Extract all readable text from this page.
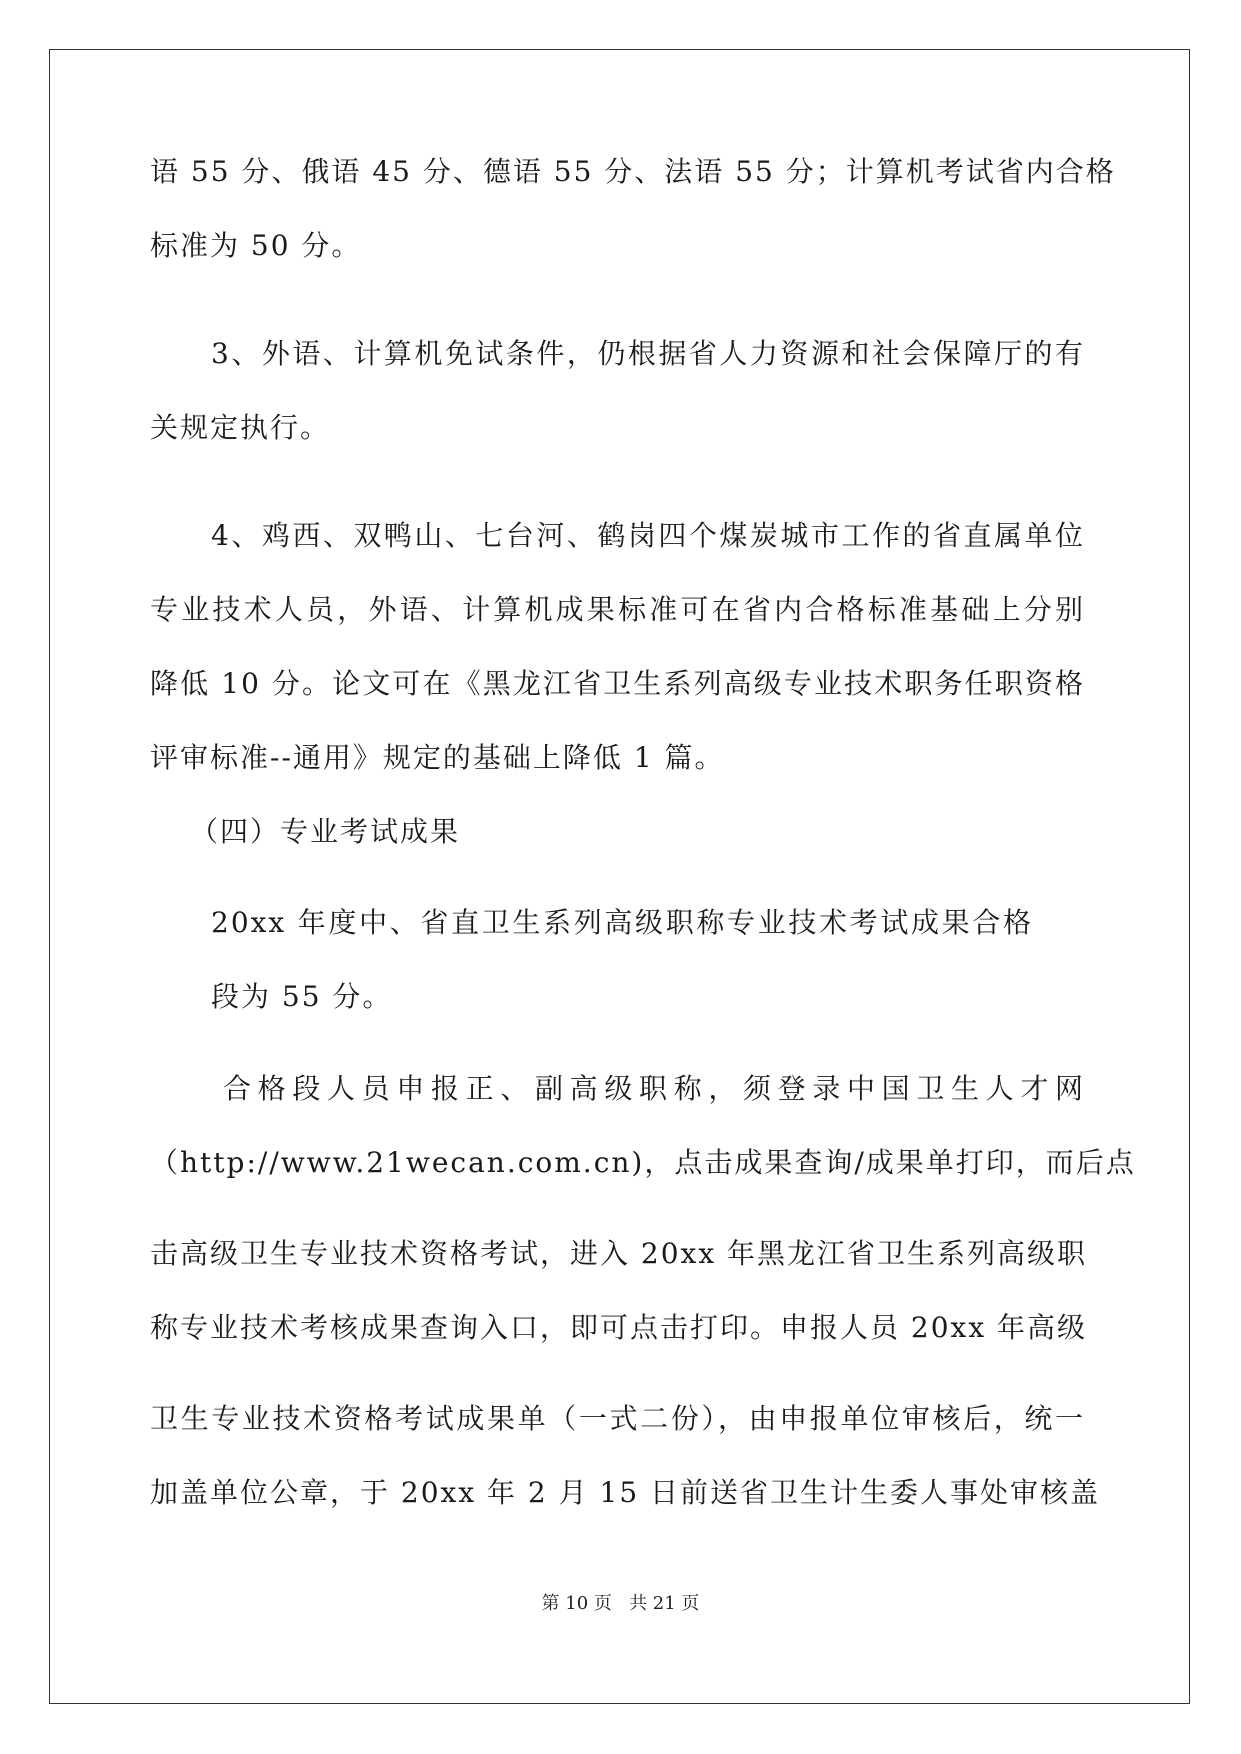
语 55 分、俄语 45 分、德语 55 分、法语 55 分；计算机考试省内合格
标准为 50 分。
3、外语、计算机免试条件，仍根据省人力资源和社会保障厅的有
关规定执行。
4、鸡西、双鸭山、七台河、鹤岗四个煤炭城市工作的省直属单位
专业技术人员，外语、计算机成果标准可在省内合格标准基础上分别
降低 10 分。论文可在《黑龙江省卫生系列高级专业技术职务任职资格
评审标准--通用》规定的基础上降低 1 篇。
（四）专业考试成果
20xx 年度中、省直卫生系列高级职称专业技术考试成果合格
段为 55 分。
合格段人员申报正、副高级职称，须登录中国卫生人才网
（http://www.21wecan.com.cn)，点击成果查询/成果单打印，而后点
击高级卫生专业技术资格考试，进入 20xx 年黑龙江省卫生系列高级职
称专业技术考核成果查询入口，即可点击打印。申报人员 20xx 年高级
卫生专业技术资格考试成果单（一式二份），由申报单位审核后，统一
加盖单位公章，于 20xx 年 2 月 15 日前送省卫生计生委人事处审核盖
第 10 页 共 21 页
